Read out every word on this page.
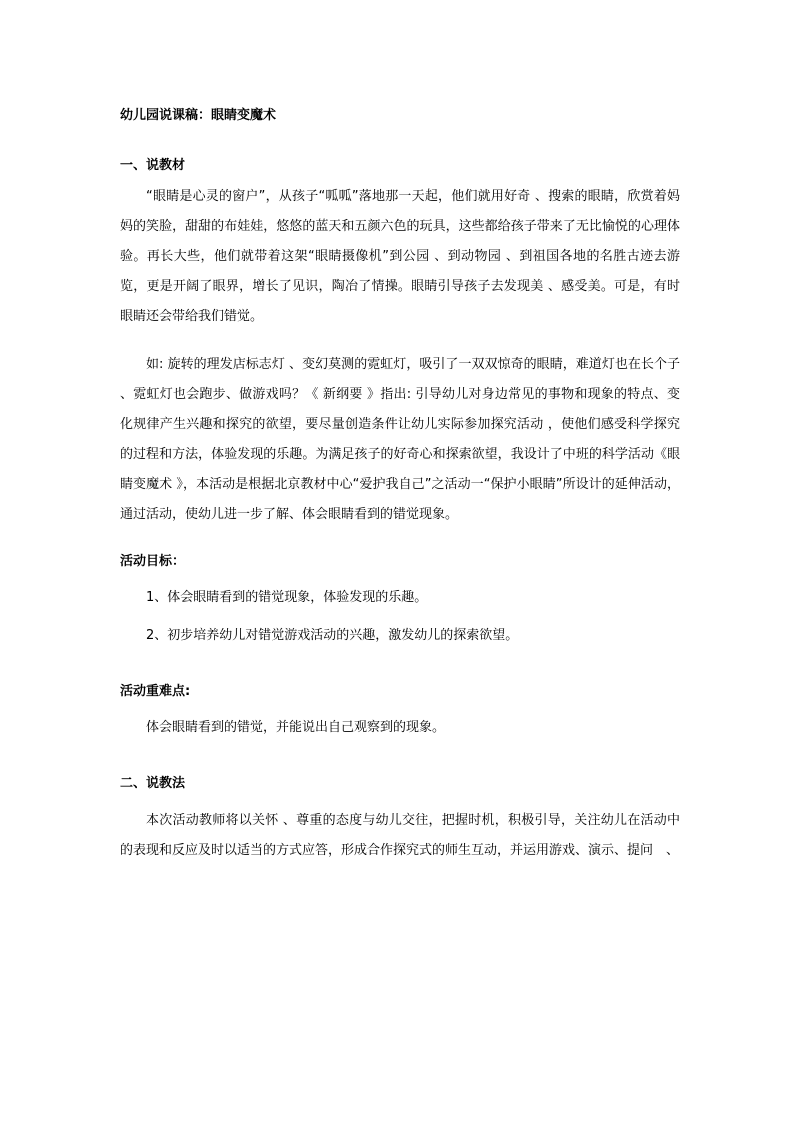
幼儿园说课稿：眼睛变魔术

一、说教材

“眼睛是心灵的窗户”，从孩子“呱呱”落地那一天起，他们就用好奇 、搜索的眼睛，欣赏着妈妈的笑脸，甜甜的布娃娃，悠悠的蓝天和五颜六色的玩具，这些都给孩子带来了无比愉悦的心理体验。再长大些，他们就带着这架“眼睛摄像机”到公园 、到动物园 、到祖国各地的名胜古迹去游览，更是开阔了眼界，增长了见识，陶冶了情操。眼睛引导孩子去发现美 、感受美。可是，有时眼睛还会带给我们错觉。

如: 旋转的理发店标志灯 、变幻莫测的霓虹灯，吸引了一双双惊奇的眼睛，难道灯也在长个子 、霓虹灯也会跑步、做游戏吗？《 新纲要 》指出: 引导幼儿对身边常见的事物和现象的特点、变化规律产生兴趣和探究的欲望，要尽量创造条件让幼儿实际参加探究活动 ，使他们感受科学探究的过程和方法，体验发现的乐趣。为满足孩子的好奇心和探索欲望，我设计了中班的科学活动《眼睛变魔术 》，本活动是根据北京教材中心“爱护我自己”之活动一“保护小眼睛”所设计的延伸活动，通过活动，使幼儿进一步了解、体会眼睛看到的错觉现象。

活动目标：

1、体会眼睛看到的错觉现象，体验发现的乐趣。

2、初步培养幼儿对错觉游戏活动的兴趣，激发幼儿的探索欲望。

活动重难点:

体会眼睛看到的错觉，并能说出自己观察到的现象。

二、说教法

本次活动教师将以关怀 、尊重的态度与幼儿交往，把握时机，积极引导，关注幼儿在活动中的表现和反应及时以适当的方式应答，形成合作探究式的师生互动，并运用游戏、演示、提问　、
